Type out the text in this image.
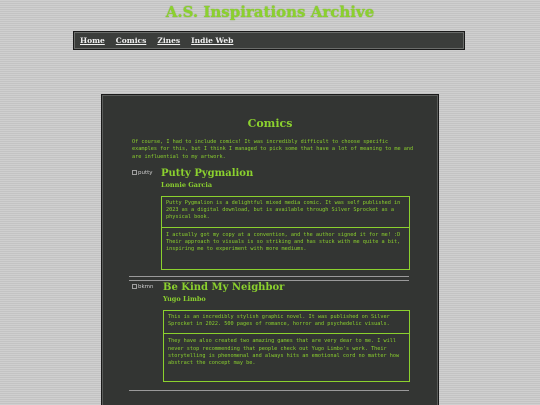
A.S. Inspirations Archive
Home Comics Zines Indie Web
Comics

Of course, I had to include comics! It was incredibly difficult to choose specific examples for this, but I think I managed to pick some that have a lot of meaning to me and are influential to my artwork.

putty Putty Pygmalion
Lonnie Garcia

Putty Pygmalion is a delightful mixed media comic. It was self published in 2023 as a digital download, but is available through Silver Sprocket as a physical book.

I actually got my copy at a convention, and the author signed it for me! :D Their approach to visuals is so striking and has stuck with me quite a bit, inspiring me to experiment with more mediums.

bkmn Be Kind My Neighbor
Yugo Limbo

This is an incredibly stylish graphic novel. It was published on Silver Sprocket in 2022. 500 pages of romance, horror and psychedelic visuals.

They have also created two amazing games that are very dear to me. I will never stop recommending that people check out Yugo Limbo's work. Their storytelling is phenomenal and always hits an emotional cord no matter how abstract the concept may be.
